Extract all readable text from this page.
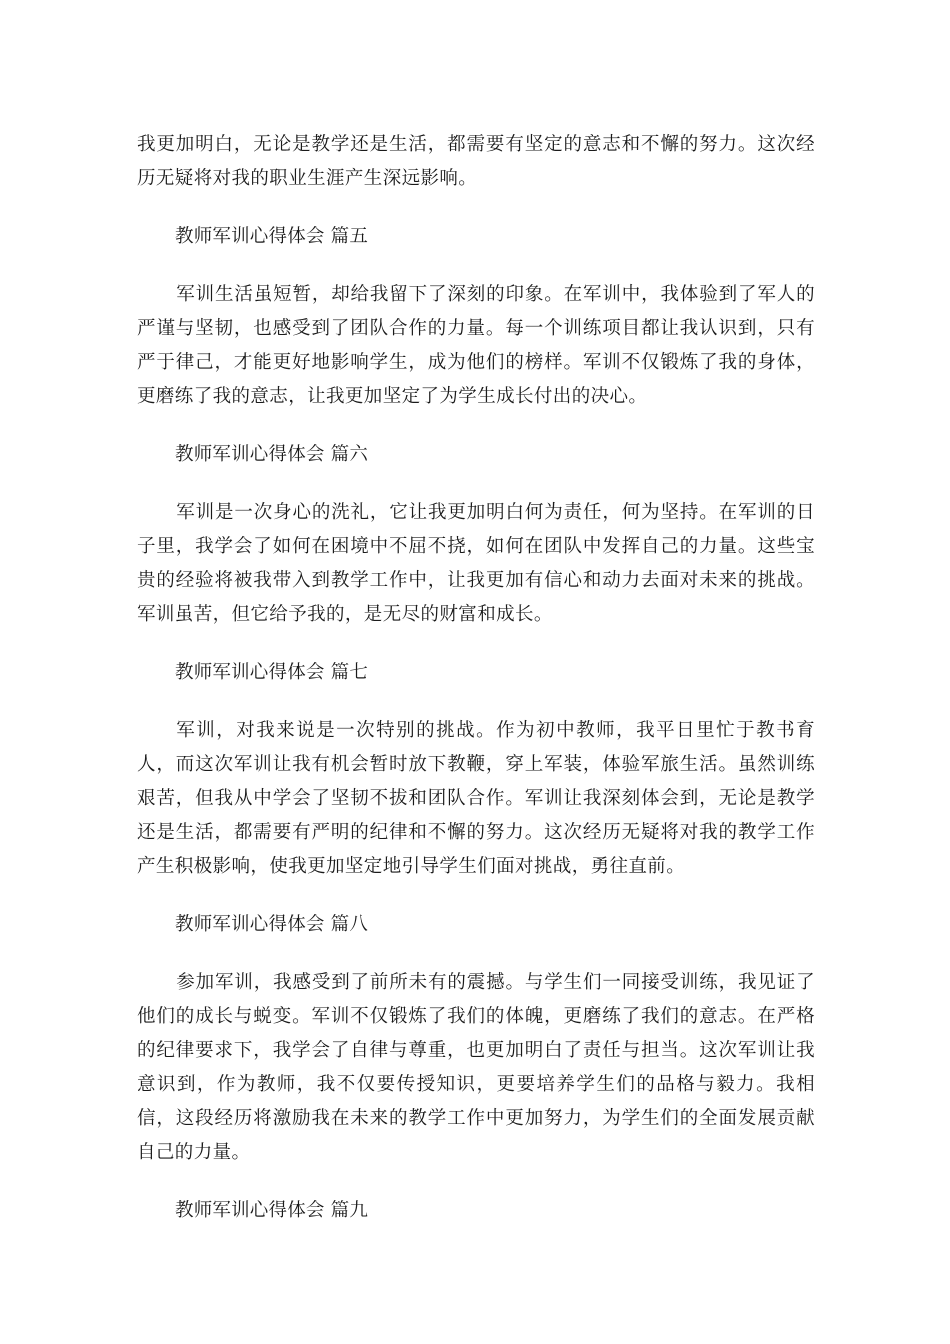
我更加明白，无论是教学还是生活，都需要有坚定的意志和不懈的努力。这次经历无疑将对我的职业生涯产生深远影响。

教师军训心得体会 篇五

军训生活虽短暂，却给我留下了深刻的印象。在军训中，我体验到了军人的严谨与坚韧，也感受到了团队合作的力量。每一个训练项目都让我认识到，只有严于律己，才能更好地影响学生，成为他们的榜样。军训不仅锻炼了我的身体，更磨练了我的意志，让我更加坚定了为学生成长付出的决心。

教师军训心得体会 篇六

军训是一次身心的洗礼，它让我更加明白何为责任，何为坚持。在军训的日子里，我学会了如何在困境中不屈不挠，如何在团队中发挥自己的力量。这些宝贵的经验将被我带入到教学工作中，让我更加有信心和动力去面对未来的挑战。军训虽苦，但它给予我的，是无尽的财富和成长。

教师军训心得体会 篇七

军训，对我来说是一次特别的挑战。作为初中教师，我平日里忙于教书育人，而这次军训让我有机会暂时放下教鞭，穿上军装，体验军旅生活。虽然训练艰苦，但我从中学会了坚韧不拔和团队合作。军训让我深刻体会到，无论是教学还是生活，都需要有严明的纪律和不懈的努力。这次经历无疑将对我的教学工作产生积极影响，使我更加坚定地引导学生们面对挑战，勇往直前。

教师军训心得体会 篇八

参加军训，我感受到了前所未有的震撼。与学生们一同接受训练，我见证了他们的成长与蜕变。军训不仅锻炼了我们的体魄，更磨练了我们的意志。在严格的纪律要求下，我学会了自律与尊重，也更加明白了责任与担当。这次军训让我意识到，作为教师，我不仅要传授知识，更要培养学生们的品格与毅力。我相信，这段经历将激励我在未来的教学工作中更加努力，为学生们的全面发展贡献自己的力量。

教师军训心得体会 篇九
